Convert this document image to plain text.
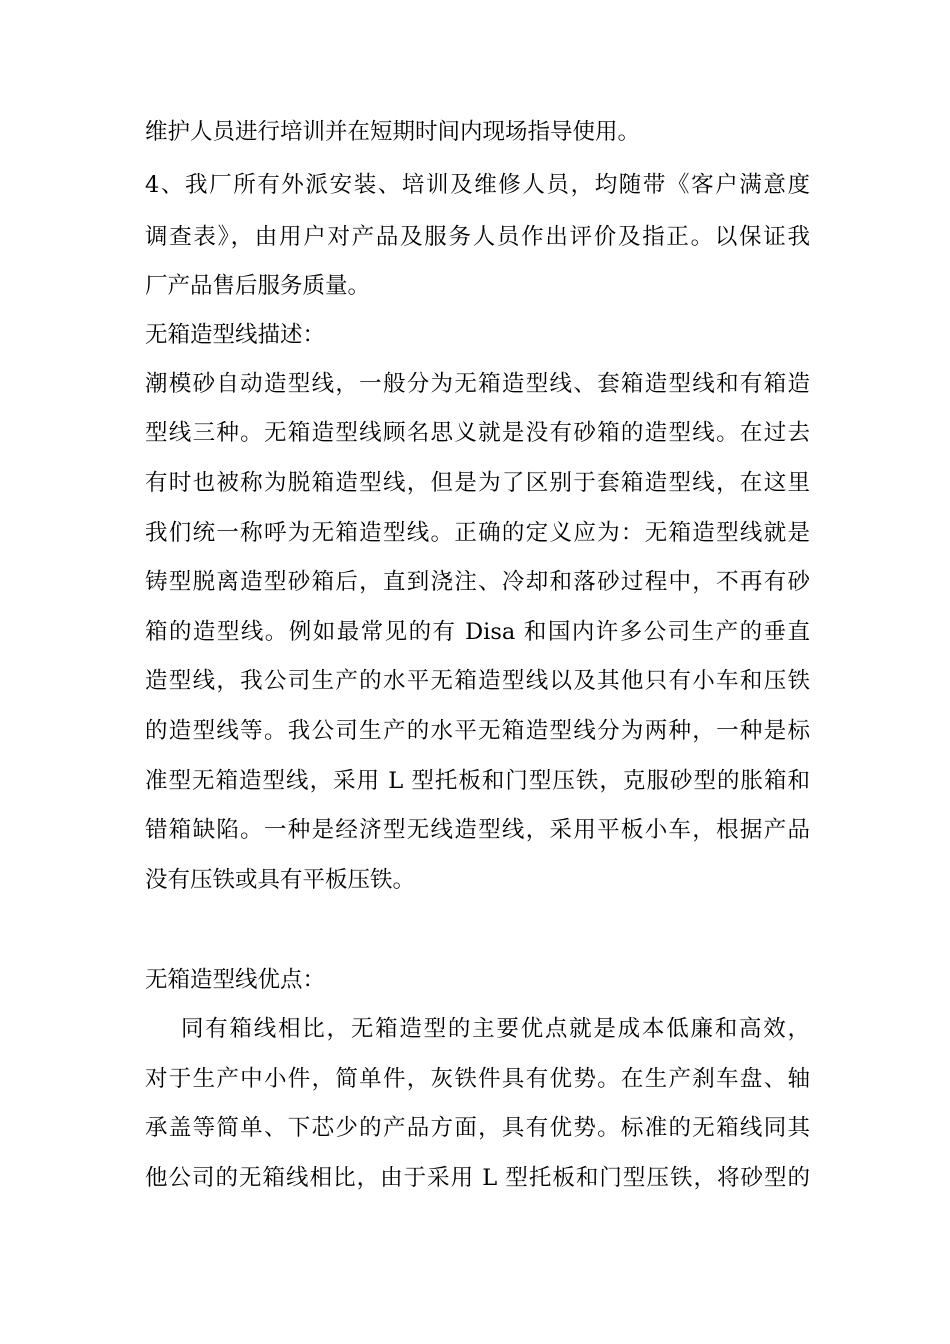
维护人员进行培训并在短期时间内现场指导使用。
4、我厂所有外派安装、培训及维修人员，均随带《客户满意度
调查表》，由用户对产品及服务人员作出评价及指正。以保证我
厂产品售后服务质量。
无箱造型线描述：
潮模砂自动造型线，一般分为无箱造型线、套箱造型线和有箱造
型线三种。无箱造型线顾名思义就是没有砂箱的造型线。在过去
有时也被称为脱箱造型线，但是为了区别于套箱造型线，在这里
我们统一称呼为无箱造型线。正确的定义应为：无箱造型线就是
铸型脱离造型砂箱后，直到浇注、冷却和落砂过程中，不再有砂
箱的造型线。例如最常见的有 Disa 和国内许多公司生产的垂直
造型线，我公司生产的水平无箱造型线以及其他只有小车和压铁
的造型线等。我公司生产的水平无箱造型线分为两种，一种是标
准型无箱造型线，采用 L 型托板和门型压铁，克服砂型的胀箱和
错箱缺陷。一种是经济型无线造型线，采用平板小车，根据产品
没有压铁或具有平板压铁。
无箱造型线优点：
同有箱线相比，无箱造型的主要优点就是成本低廉和高效，
对于生产中小件，简单件，灰铁件具有优势。在生产刹车盘、轴
承盖等简单、下芯少的产品方面，具有优势。标准的无箱线同其
他公司的无箱线相比，由于采用 L 型托板和门型压铁，将砂型的
